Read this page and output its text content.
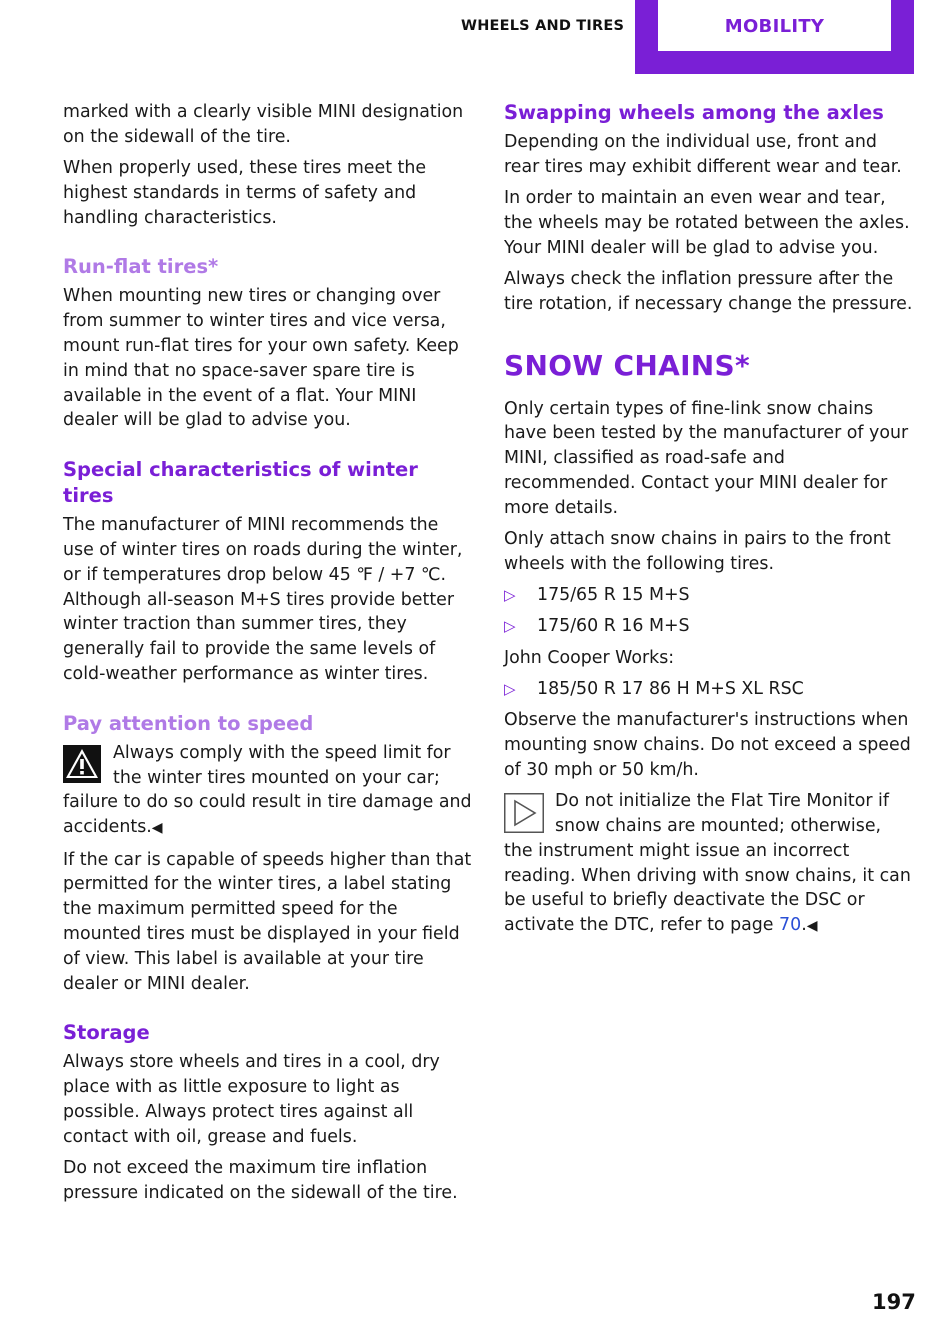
WHEELS AND TIRES	MOBILITY

marked with a clearly visible MINI designation on the sidewall of the tire.

When properly used, these tires meet the highest standards in terms of safety and handling characteristics.

Run-flat tires*

When mounting new tires or changing over from summer to winter tires and vice versa, mount run-flat tires for your own safety. Keep in mind that no space-saver spare tire is available in the event of a flat. Your MINI dealer will be glad to advise you.

Special characteristics of winter tires

The manufacturer of MINI recommends the use of winter tires on roads during the winter, or if temperatures drop below 45 ℉ / +7 ℃. Although all-season M+S tires provide better winter traction than summer tires, they generally fail to provide the same levels of cold-weather performance as winter tires.

Pay attention to speed

Always comply with the speed limit for the winter tires mounted on your car; failure to do so could result in tire damage and accidents.◀

If the car is capable of speeds higher than that permitted for the winter tires, a label stating the maximum permitted speed for the mounted tires must be displayed in your field of view. This label is available at your tire dealer or MINI dealer.

Storage

Always store wheels and tires in a cool, dry place with as little exposure to light as possible. Always protect tires against all contact with oil, grease and fuels.

Do not exceed the maximum tire inflation pressure indicated on the sidewall of the tire.

Swapping wheels among the axles

Depending on the individual use, front and rear tires may exhibit different wear and tear.

In order to maintain an even wear and tear, the wheels may be rotated between the axles. Your MINI dealer will be glad to advise you.

Always check the inflation pressure after the tire rotation, if necessary change the pressure.

SNOW CHAINS*

Only certain types of fine-link snow chains have been tested by the manufacturer of your MINI, classified as road-safe and recommended. Contact your MINI dealer for more details.

Only attach snow chains in pairs to the front wheels with the following tires.

▷	175/65 R 15 M+S
▷	175/60 R 16 M+S

John Cooper Works:

▷	185/50 R 17 86 H M+S XL RSC

Observe the manufacturer's instructions when mounting snow chains. Do not exceed a speed of 30 mph or 50 km/h.

Do not initialize the Flat Tire Monitor if snow chains are mounted; otherwise, the instrument might issue an incorrect reading. When driving with snow chains, it can be useful to briefly deactivate the DSC or activate the DTC, refer to page 70.◀

197
